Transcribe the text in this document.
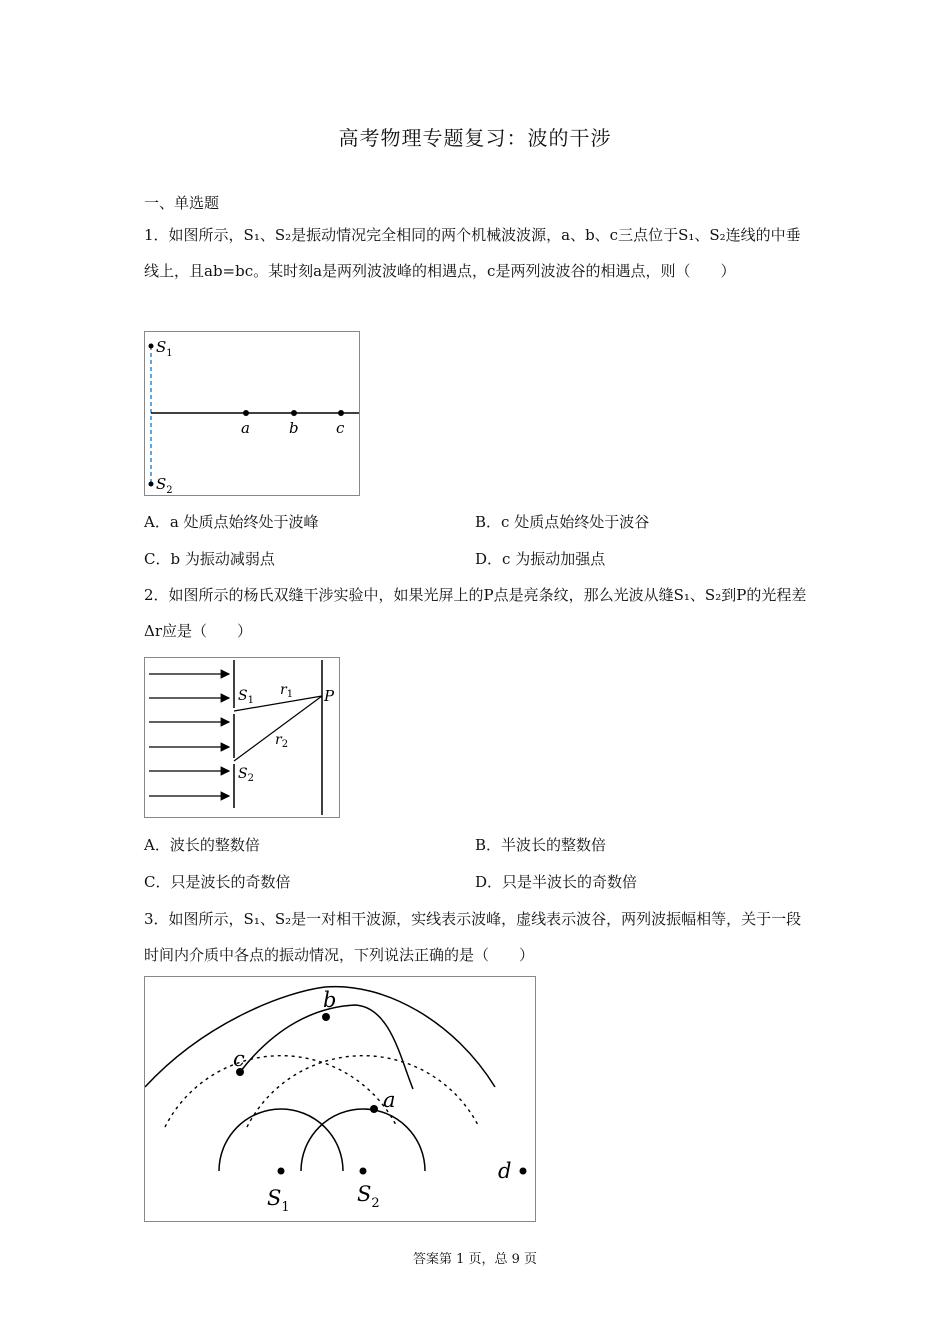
高考物理专题复习：波的干涉
一、单选题
1．如图所示，S₁、S₂是振动情况完全相同的两个机械波波源，a、b、c三点位于S₁、S₂连线的中垂线上，且ab=bc。某时刻a是两列波波峰的相遇点，c是两列波波谷的相遇点，则（　　）
$S_1$
$S_2$
a	b c
A．a 处质点始终处于波峰	B．c 处质点始终处于波谷
C．b 为振动减弱点	D．c 为振动加强点
2．如图所示的杨氏双缝干涉实验中，如果光屏上的P点是亮条纹，那么光波从缝S₁、S₂到P的光程差Δr应是（　　）
$S_1$
$S_2$
$r_1$
$r_2$
P
A．波长的整数倍	B．半波长的整数倍
C．只是波长的奇数倍	D．只是半波长的奇数倍
3．如图所示，S₁、S₂是一对相干波源，实线表示波峰，虚线表示波谷，两列波振幅相等，关于一段时间内介质中各点的振动情况，下列说法正确的是（　　）
b
c
a
d
$S_1$
$S_2$
答案第 1 页，总 9 页
